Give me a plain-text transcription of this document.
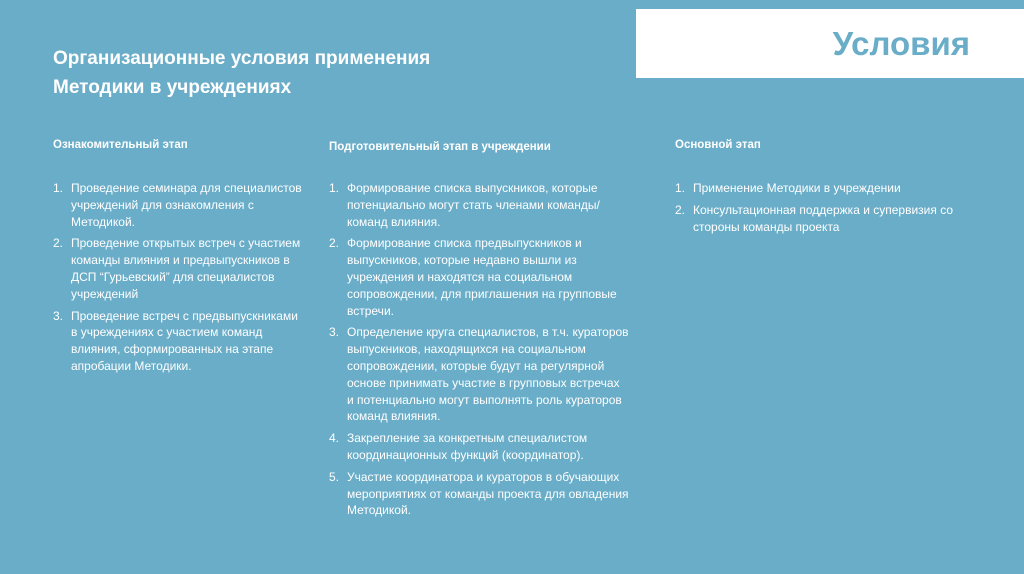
Организационные условия применения
Методики в учреждениях
Условия
Ознакомительный этап
1. Проведение семинара для специалистов учреждений для ознакомления с Методикой.
2. Проведение открытых встреч с участием команды влияния и предвыпускников в ДСП “Гурьевский” для специалистов учреждений
3. Проведение встреч с предвыпускниками в учреждениях с участием команд влияния, сформированных на этапе апробации Методики.
Подготовительный этап в учреждении
1. Формирование списка выпускников, которые потенциально могут стать членами команды/команд влияния.
2. Формирование списка предвыпускников и выпускников, которые недавно вышли из учреждения и находятся на социальном сопровождении, для приглашения на групповые встречи.
3. Определение круга специалистов, в т.ч. кураторов выпускников, находящихся на социальном сопровождении, которые будут на регулярной основе принимать участие в групповых встречах и потенциально могут выполнять роль кураторов команд влияния.
4. Закрепление за конкретным специалистом координационных функций (координатор).
5. Участие координатора и кураторов в обучающих мероприятиях от команды проекта для овладения Методикой.
Основной этап
1. Применение Методики в учреждении
2. Консультационная поддержка и супервизия со стороны команды проекта
